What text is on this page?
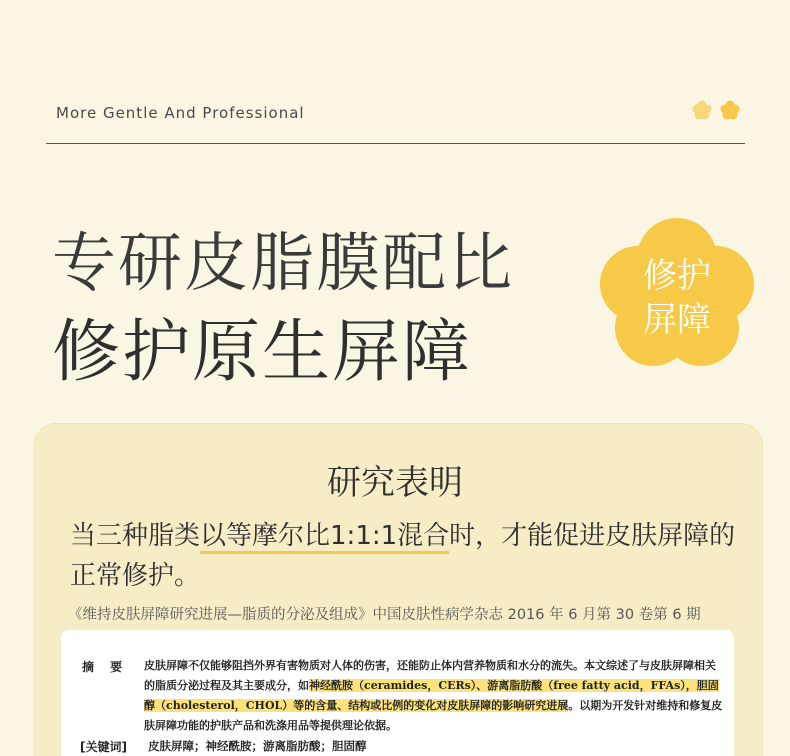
More Gentle And Professional
专研皮脂膜配比
修护原生屏障
修护
屏障
研究表明
当三种脂类以等摩尔比1:1:1混合时，才能促进皮肤屏障的正常修护。
《维持皮肤屏障研究进展—脂质的分泌及组成》中国皮肤性病学杂志 2016 年 6 月第 30 卷第 6 期
摘 要 皮肤屏障不仅能够阻挡外界有害物质对人体的伤害，还能防止体内营养物质和水分的流失。本文综述了与皮肤屏障相关的脂质分泌过程及其主要成分，如神经酰胺（ceramides，CERs）、游离脂肪酸（free fatty acid，FFAs），胆固醇（cholesterol，CHOL）等的含量、结构或比例的变化对皮肤屏障的影响研究进展。以期为开发针对维持和修复皮肤屏障功能的护肤产品和洗涤用品等提供理论依据。
[关键词] 皮肤屏障；神经酰胺；游离脂肪酸；胆固醇
